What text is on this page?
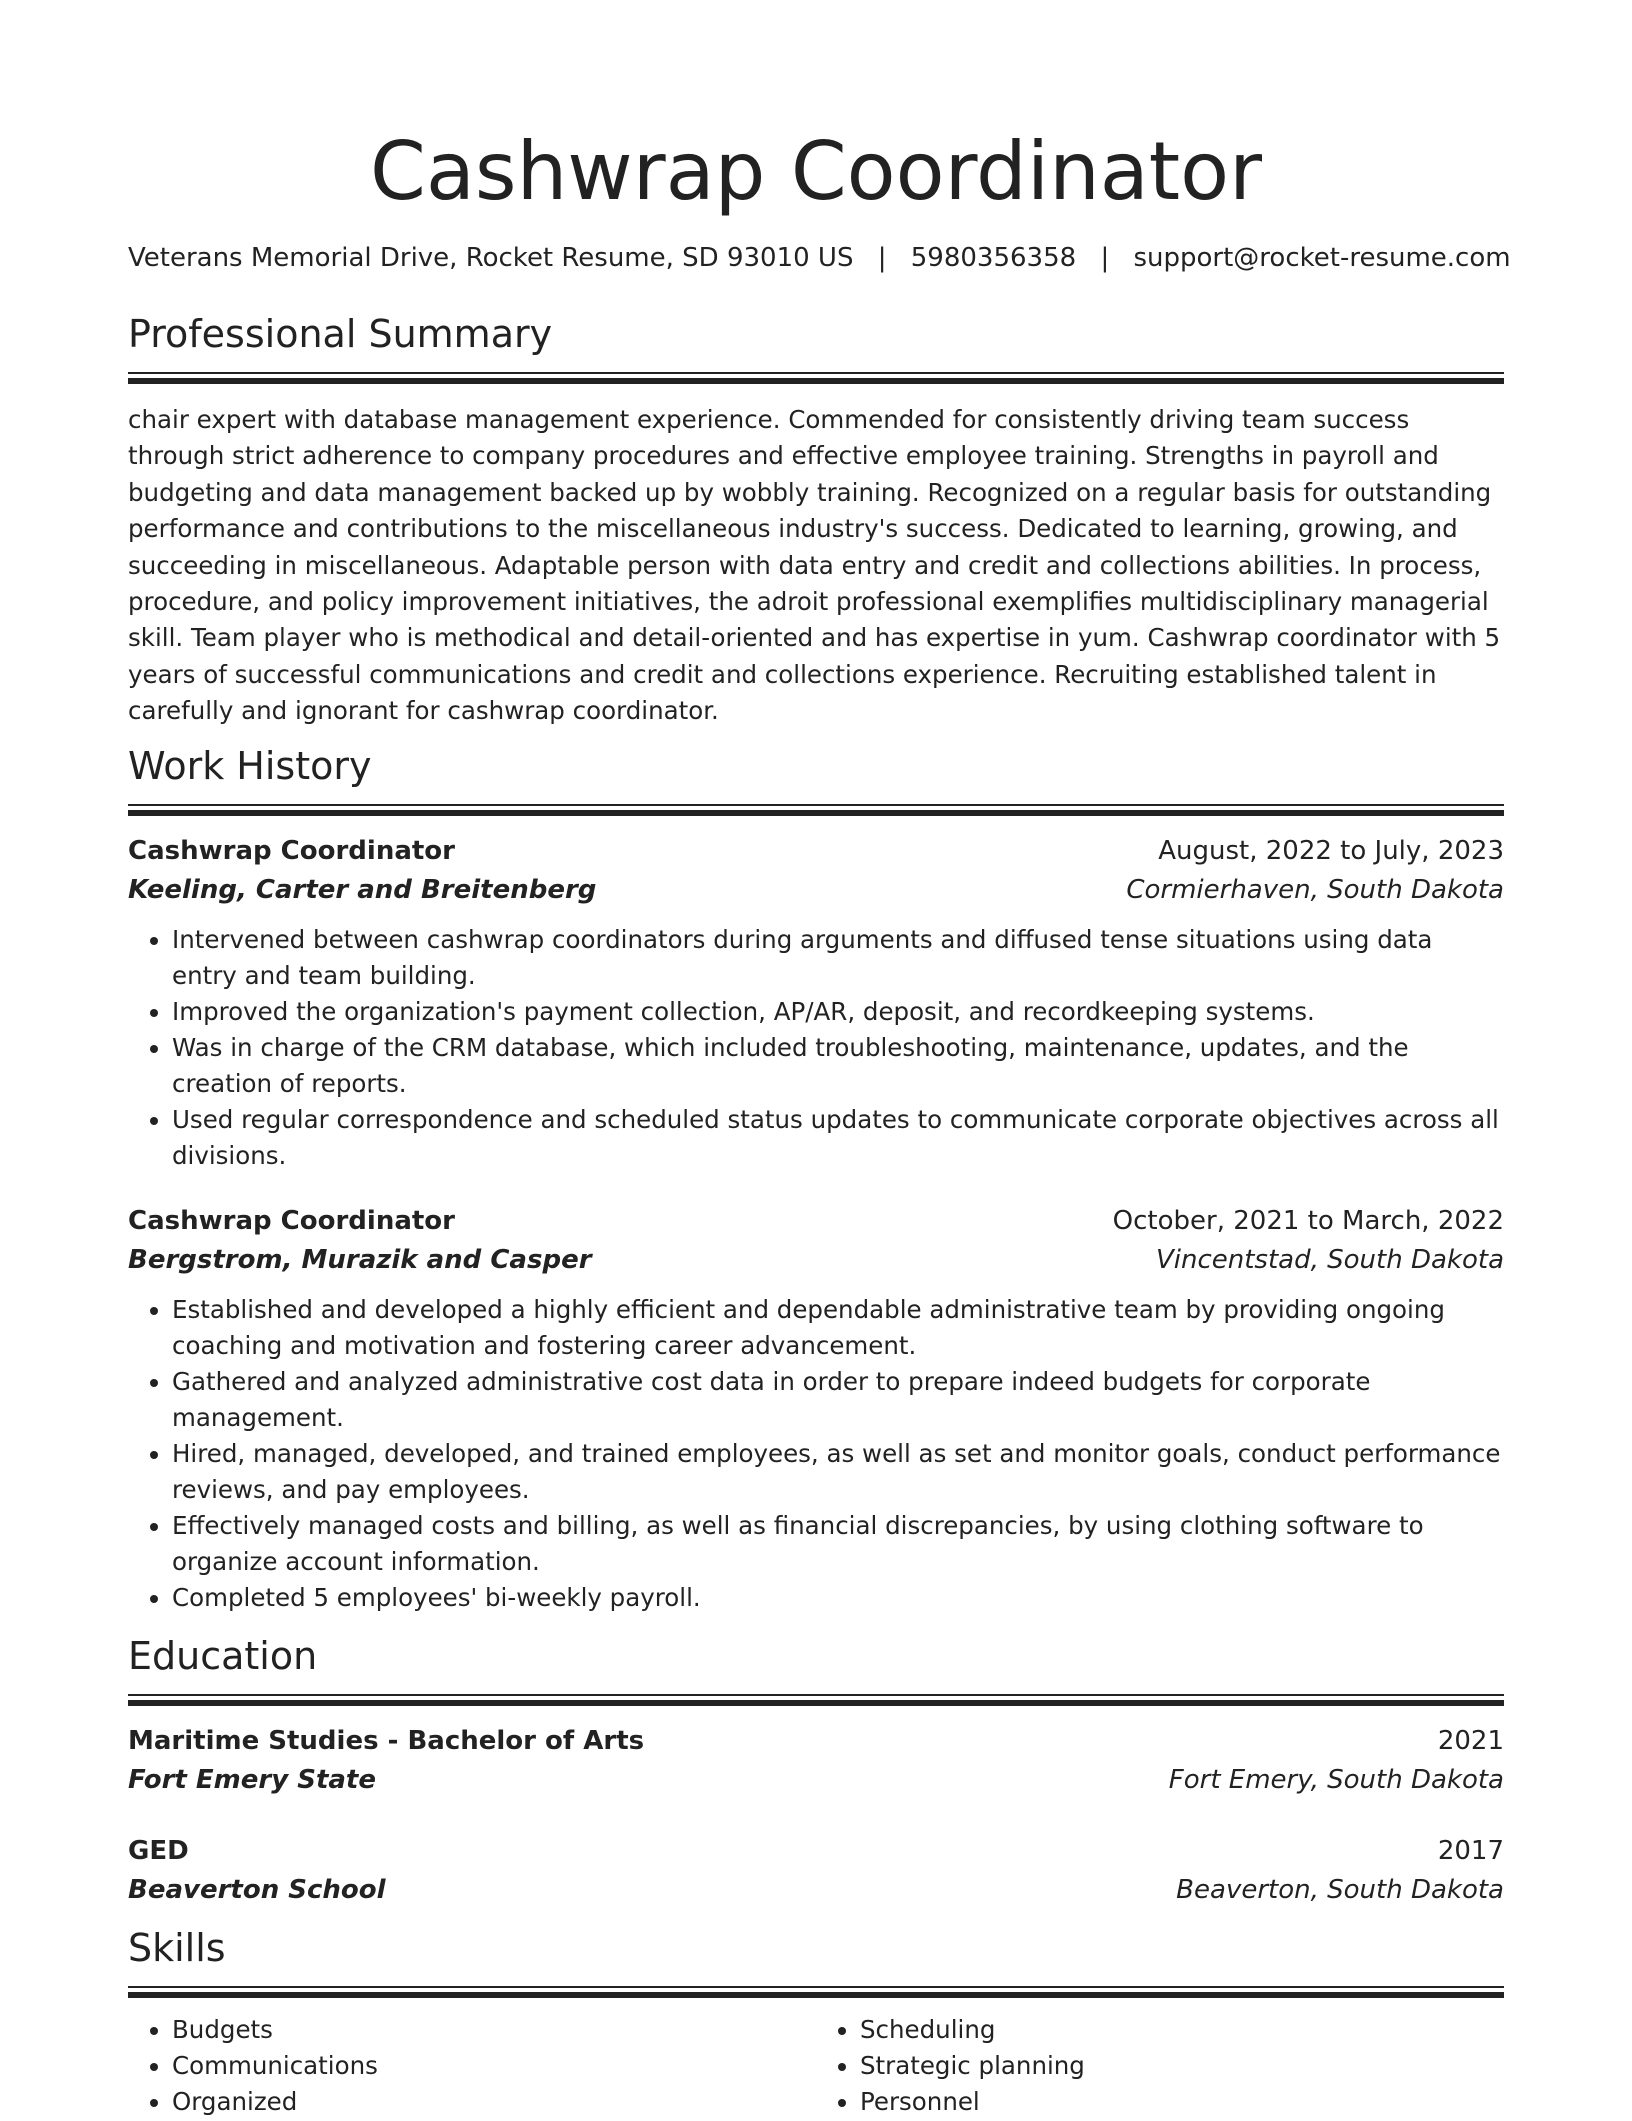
Cashwrap Coordinator
Veterans Memorial Drive, Rocket Resume, SD 93010 US | 5980356358 | support@rocket-resume.com
Professional Summary

chair expert with database management experience. Commended for consistently driving team success through strict adherence to company procedures and effective employee training. Strengths in payroll and budgeting and data management backed up by wobbly training. Recognized on a regular basis for outstanding performance and contributions to the miscellaneous industry's success. Dedicated to learning, growing, and succeeding in miscellaneous. Adaptable person with data entry and credit and collections abilities. In process, procedure, and policy improvement initiatives, the adroit professional exemplifies multidisciplinary managerial skill. Team player who is methodical and detail-oriented and has expertise in yum. Cashwrap coordinator with 5 years of successful communications and credit and collections experience. Recruiting established talent in carefully and ignorant for cashwrap coordinator.

Work History
Cashwrap Coordinator	August, 2022 to July, 2023
Keeling, Carter and Breitenberg	Cormierhaven, South Dakota
• Intervened between cashwrap coordinators during arguments and diffused tense situations using data entry and team building.
• Improved the organization's payment collection, AP/AR, deposit, and recordkeeping systems.
• Was in charge of the CRM database, which included troubleshooting, maintenance, updates, and the creation of reports.
• Used regular correspondence and scheduled status updates to communicate corporate objectives across all divisions.
Cashwrap Coordinator	October, 2021 to March, 2022
Bergstrom, Murazik and Casper	Vincentstad, South Dakota
• Established and developed a highly efficient and dependable administrative team by providing ongoing coaching and motivation and fostering career advancement.
• Gathered and analyzed administrative cost data in order to prepare indeed budgets for corporate management.
• Hired, managed, developed, and trained employees, as well as set and monitor goals, conduct performance reviews, and pay employees.
• Effectively managed costs and billing, as well as financial discrepancies, by using clothing software to organize account information.
• Completed 5 employees' bi-weekly payroll.
Education
Maritime Studies - Bachelor of Arts	2021
Fort Emery State	Fort Emery, South Dakota
GED	2017
Beaverton School	Beaverton, South Dakota
Skills
• Budgets
• Communications
• Organized
• Scheduling
• Strategic planning
• Personnel
